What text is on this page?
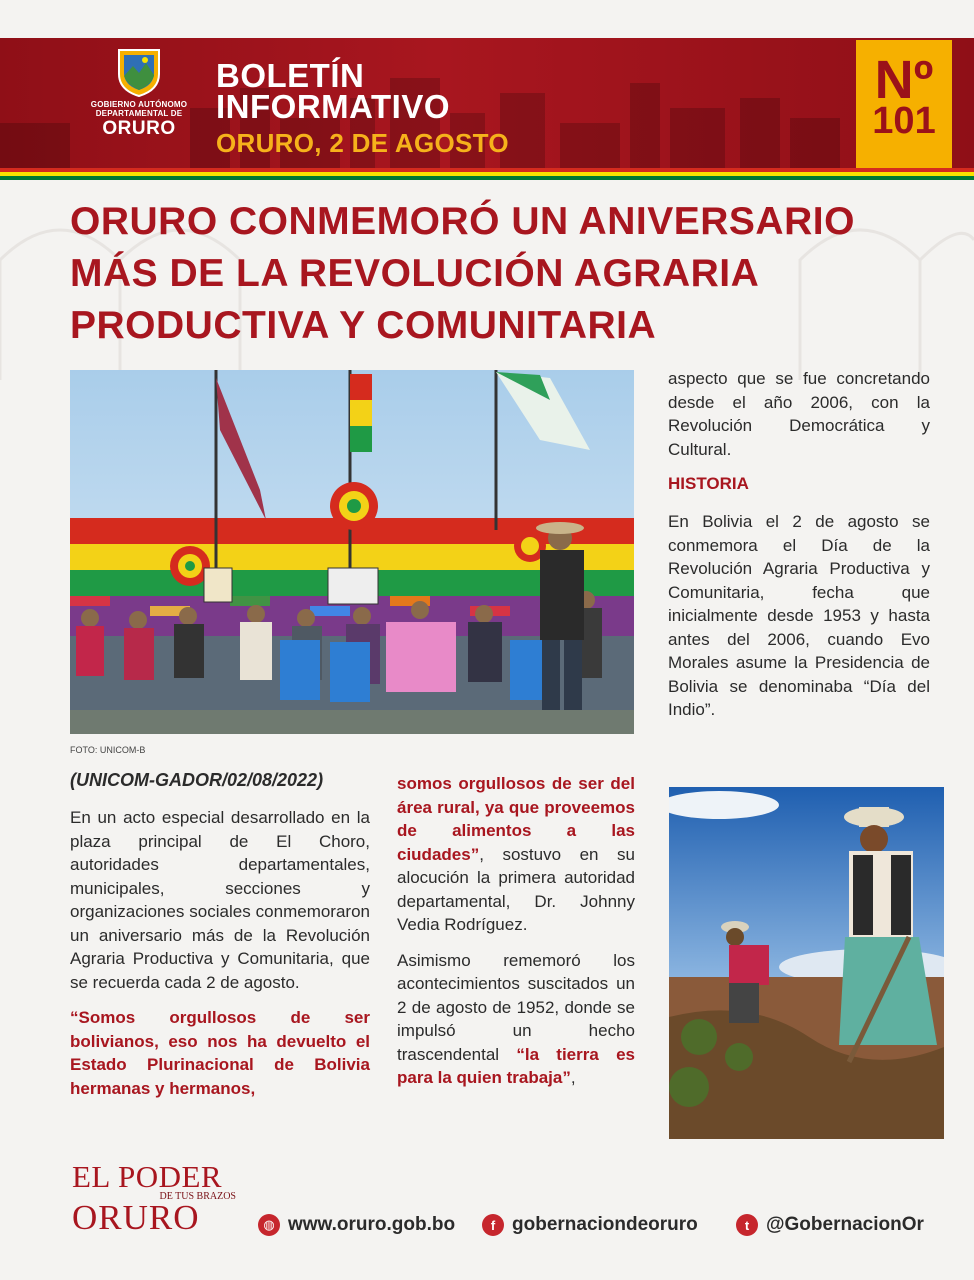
GOBIERNO AUTÓNOMO
DEPARTAMENTAL DE
ORURO
BOLETÍN
INFORMATIVO
ORURO, 2 DE AGOSTO
Nº
101
ORURO CONMEMORÓ UN ANIVERSARIO
MÁS DE LA REVOLUCIÓN AGRARIA
PRODUCTIVA Y COMUNITARIA
FOTO: UNICOM-B

aspecto que se fue concretando desde el año 2006, con la Revolución Democrática y Cultural.

HISTORIA

En Bolivia el 2 de agosto se conmemora el Día de la Revolución Agraria Productiva y Comunitaria, fecha que inicialmente desde 1953 y hasta antes del 2006, cuando Evo Morales asume la Presidencia de Bolivia se denominaba “Día del Indio”.

(UNICOM-GADOR/02/08/2022)

En un acto especial desarrollado en la plaza principal de El Choro, autoridades departamentales, municipales, secciones y organizaciones sociales conmemoraron un aniversario más de la Revolución Agraria Productiva y Comunitaria, que se recuerda cada 2 de agosto.

“Somos orgullosos de ser bolivianos, eso nos ha devuelto el Estado Plurinacional de Bolivia hermanas y hermanos,

somos orgullosos de ser del área rural, ya que proveemos de alimentos a las ciudades”, sostuvo en su alocución la primera autoridad departamental, Dr. Johnny Vedia Rodríguez.

Asimismo rememoró los acontecimientos suscitados un 2 de agosto de 1952, donde se impulsó un hecho trascendental “la tierra es para la quien trabaja”,

EL PODER
DE TUS BRAZOS
ORURO	◍ www.oruro.gob.bo	f gobernaciondeoruro	t @GobernacionOr
